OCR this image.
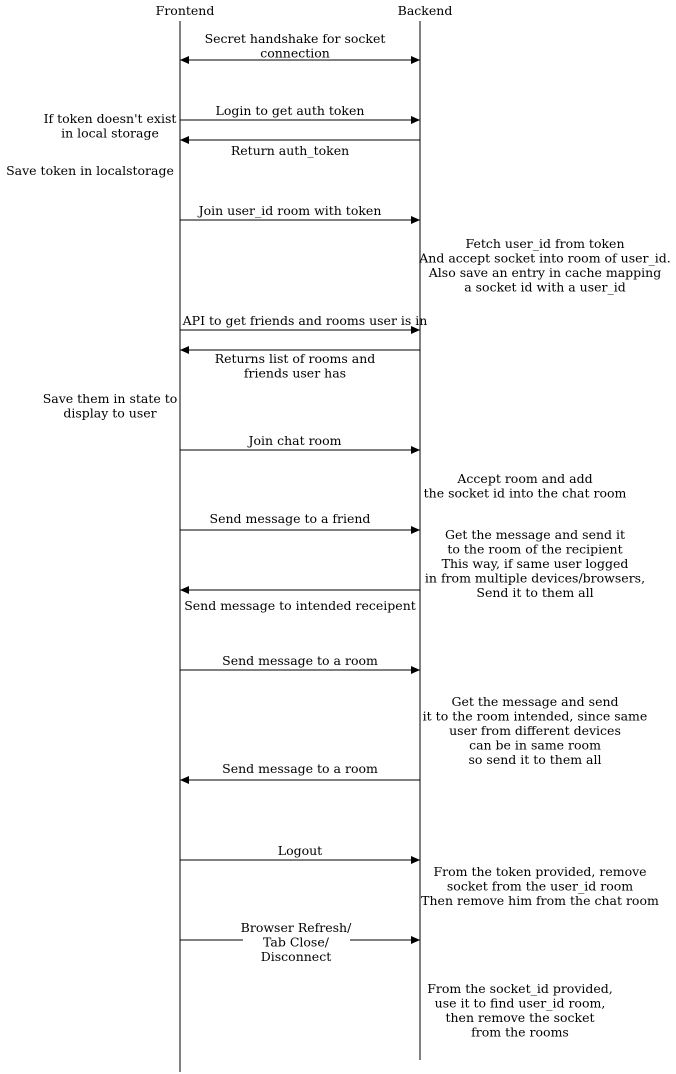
Frontend	Backend
Secret handshake for socket connection
Login to get auth token
Return auth_token
Join user_id room with token
API to get friends and rooms user is in
Returns list of rooms and friends user has
Join chat room
Send message to a friend
Send message to intended receipent
Send message to a room
Send message to a room
Logout
Browser Refresh/ Tab Close/ Disconnect
If token doesn't exist in local storage
Save token in localstorage
Save them in state to display to user
Fetch user_id from token And accept socket into room of user_id. Also save an entry in cache mapping a socket id with a user_id
Accept room and add the socket id into the chat room
Get the message and send it to the room of the recipient This way, if same user logged in from multiple devices/browsers, Send it to them all
Get the message and send it to the room intended, since same user from different devices can be in same room so send it to them all
From the token provided, remove socket from the user_id room Then remove him from the chat room
From the socket_id provided, use it to find user_id room, then remove the socket from the rooms
